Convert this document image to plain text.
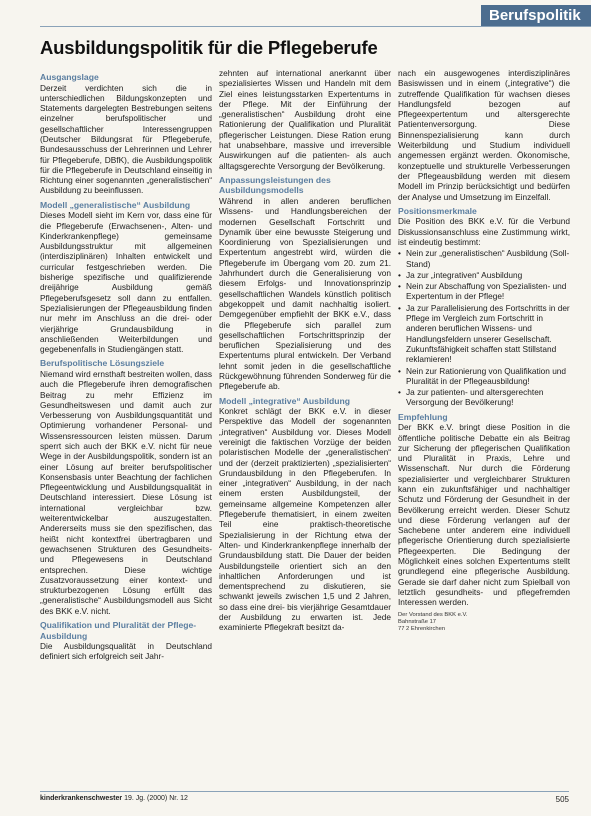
Berufspolitik
Ausbildungspolitik für die Pflegeberufe
Ausgangslage

Derzeit verdichten sich die in unterschiedlichen Bildungskonzepten und Statements dargelegten Bestrebungen seitens einzelner berufspolitischer und gesellschaftlicher Interessengruppen (Deutscher Bildungsrat für Pflegeberufe, Bundesausschuss der Lehrerinnen und Lehrer für Pflegeberufe, DBfK), die Ausbildungspolitik für die Pflegeberufe in Deutschland einseitig in Richtung einer sogenannten „generalistischen“ Ausbildung zu beeinflussen.

Modell „generalistische“ Ausbildung

Dieses Modell sieht im Kern vor, dass eine für die Pflegeberufe (Erwachsenen-, Alten- und Kinderkrankenpflege) gemeinsame Ausbildungsstruktur mit allgemeinen (interdisziplinären) Inhalten entwickelt und curricular festgeschrieben werden. Die bisherige spezifische und qualifizierende dreijährige Ausbildung gemäß Pflegeberufsgesetz soll dann zu entfallen. Spezialisierungen der Pflegeausbildung finden nur mehr im Anschluss an die drei- oder vierjährige Grundausbildung in anschließenden Weiterbildungen und gegebenenfalls in Studiengängen statt.

Berufspolitische Lösungsziele

Niemand wird ernsthaft bestreiten wollen, dass auch die Pflegeberufe ihren demografischen Beitrag zu mehr Effizienz im Gesundheitswesen und damit auch zur Verbesserung von Ausbildungsquantität und Optimierung vorhandener Personal- und Wissensressourcen leisten müssen. Darum sperrt sich auch der BKK e.V. nicht für neue Wege in der Ausbildungspolitik, sondern ist an einer Lösung auf breiter berufspolitischer Konsensbasis unter Beachtung der fachlichen Pflegeentwicklung und Ausbildungsqualität in Deutschland interessiert. Diese Lösung ist international vergleichbar bzw. weiterentwickelbar auszugestalten. Andererseits muss sie den spezifischen, das heißt nicht kontextfrei übertragbaren und gewachsenen Strukturen des Gesundheits- und Pflegewesens in Deutschland entsprechen. Diese wichtige Zusatzvoraussetzung einer kontext- und strukturbezogenen Lösung erfüllt das „generalistische“ Ausbildungsmodell aus Sicht des BKK e.V. nicht.

Qualifikation und Pluralität der Pflege-Ausbildung

Die Ausbildungsqualität in Deutschland definiert sich erfolgreich seit Jahr-

zehnten auf international anerkannt über spezialisiertes Wissen und Handeln mit dem Ziel eines leistungsstarken Expertentums in der Pflege. Mit der Einführung der „generalistischen“ Ausbildung droht eine Rationierung der Qualifikation und Pluralität pflegerischer Leistungen. Diese Ration erung hat unabsehbare, massive und irreversible Auswirkungen auf die patienten- als auch alltagsgerechte Versorgung der Bevölkerung.

Anpassungsleistungen des Ausbildungsmodells

Während in allen anderen beruflichen Wissens- und Handlungsbereichen der modernen Gesellschaft Fortschritt und Dynamik über eine bewusste Steigerung und Koordinierung von Spezialisierungen und Expertentum angestrebt wird, würden die Pflegeberufe im Übergang vom 20. zum 21. Jahrhundert durch die Generalisierung von diesem Erfolgs- und Innovationsprinzip gesellschaftlichen Wandels künstlich politisch abgekoppelt und damit nachhaltig isoliert. Demgegenüber empfiehlt der BKK e.V., dass die Pflegeberufe sich parallel zum gesellschaftlichen Fortschrittsprinzip der beruflichen Spezialisierung und des Expertentums plural entwickeln. Der Verband lehnt somit jeden in die gesellschaftliche Rückgewöhnung führenden Sonderweg für die Pflegeberufe ab.

Modell „integrative“ Ausbildung

Konkret schlägt der BKK e.V. in dieser Perspektive das Modell der sogenannten „integrativen“ Ausbildung vor. Dieses Modell vereinigt die faktischen Vorzüge der beiden polaristischen Modelle der „generalistischen“ und der (derzeit praktizierten) „spezialisierten“ Grundausbildung in den Pflegeberufen. In einer „integrativen“ Ausbildung, in der nach einem ersten Ausbildungsteil, der gemeinsame allgemeine Kompetenzen aller Pflegeberufe thematisiert, in einem zweiten Teil eine praktisch-theoretische Spezialisierung in der Richtung etwa der Alten- und Kinderkrankenpflege innerhalb der Grundausbildung statt. Die Dauer der beiden Ausbildungsteile orientiert sich an den inhaltlichen Anforderungen und ist dementsprechend zu diskutieren, sie schwankt jeweils zwischen 1,5 und 2 Jahren, so dass eine drei- bis vierjährige Gesamtdauer der Ausbildung zu erwarten ist. Jede examinierte Pflegekraft besitzt da-

nach ein ausgewogenes interdisziplinäres Basiswissen und in einem („integrative“) die zutreffende Qualifikation für wachsen dieses Handlungsfeld bezogen auf Pflegeexpertentum und altersgerechte Patientenversorgung. Diese Binnenspezialisierung kann durch Weiterbildung und Studium individuell angemessen ergänzt werden. Ökonomische, konzeptuelle und strukturelle Verbesserungen der Pflegeausbildung werden mit diesem Modell im Prinzip berücksichtigt und bedürfen der Analyse und Umsetzung im Einzelfall.

Positionsmerkmale

Die Position des BKK e.V. für die Verbund Diskussionsanschluss eine Zustimmung wirkt, ist eindeutig bestimmt:

• Nein zur „generalistischen“ Ausbildung (Soll-Stand)
• Ja zur „integrativen“ Ausbildung
• Nein zur Abschaffung von Spezialisten- und Expertentum in der Pflege!
• Ja zur Parallelisierung des Fortschritts in der Pflege im Vergleich zum Fortschritt in anderen beruflichen Wissens- und Handlungsfeldern unserer Gesellschaft. Zukunftsfähigkeit schaffen statt Stillstand reklamieren!
• Nein zur Rationierung von Qualifikation und Pluralität in der Pflegeausbildung!
• Ja zur patienten- und altersgerechten Versorgung der Bevölkerung!
Empfehlung

Der BKK e.V. bringt diese Position in die öffentliche politische Debatte ein als Beitrag zur Sicherung der pflegerischen Qualifikation und Pluralität in Praxis, Lehre und Wissenschaft. Nur durch die Förderung spezialisierter und vergleichbarer Strukturen kann ein zukunftsfähiger und nachhaltiger Schutz und Förderung der Gesundheit in der Bevölkerung erreicht werden. Dieser Schutz und diese Förderung verlangen auf der Sachebene unter anderem eine individuell pflegerische Orientierung durch spezialisierte Pflegeexperten. Die Bedingung der Möglichkeit eines solchen Expertentums stellt grundlegend eine pflegerische Ausbildung. Gerade sie darf daher nicht zum Spielball von letztlich gesundheits- und pflegefremden Interessen werden.

Der Vorstand des BKK e.V.
Bahnstraße 17
77 2 Ehrenkirchen
kinderkrankenschwester 19. Jg. (2000) Nr. 12	505
